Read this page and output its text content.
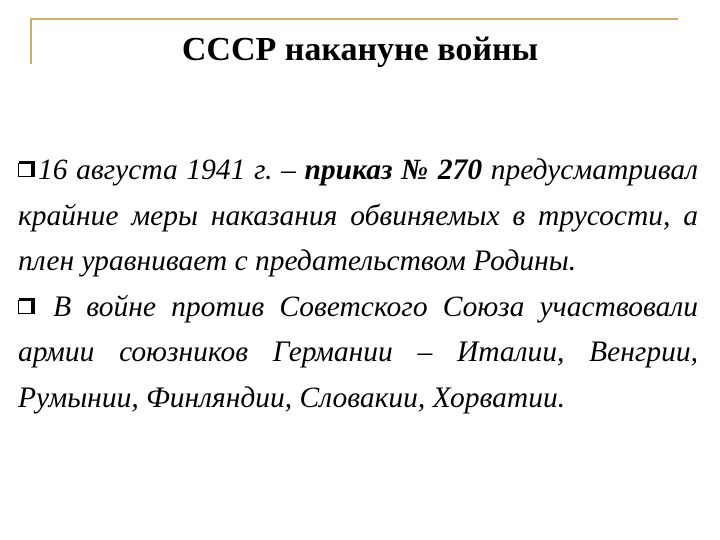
СССР накануне войны

16 августа 1941 г. – приказ № 270 предусматривал крайние меры наказания обвиняемых в трусости, а плен уравнивает с предательством Родины.

В войне против Советского Союза участвовали армии союзников Германии – Италии, Венгрии, Румынии, Финляндии, Словакии, Хорватии.
